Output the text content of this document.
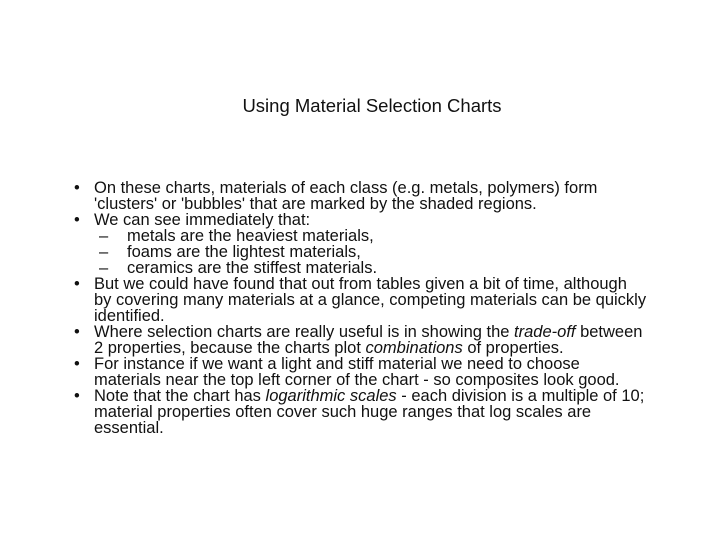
Using Material Selection Charts
• On these charts, materials of each class (e.g. metals, polymers) form
'clusters' or 'bubbles' that are marked by the shaded regions.
• We can see immediately that:
– metals are the heaviest materials,
– foams are the lightest materials,
– ceramics are the stiffest materials.
• But we could have found that out from tables given a bit of time, although
by covering many materials at a glance, competing materials can be quickly
identified.
• Where selection charts are really useful is in showing the trade-off between
2 properties, because the charts plot combinations of properties.
• For instance if we want a light and stiff material we need to choose
materials near the top left corner of the chart - so composites look good.
• Note that the chart has logarithmic scales - each division is a multiple of 10;
material properties often cover such huge ranges that log scales are
essential.
